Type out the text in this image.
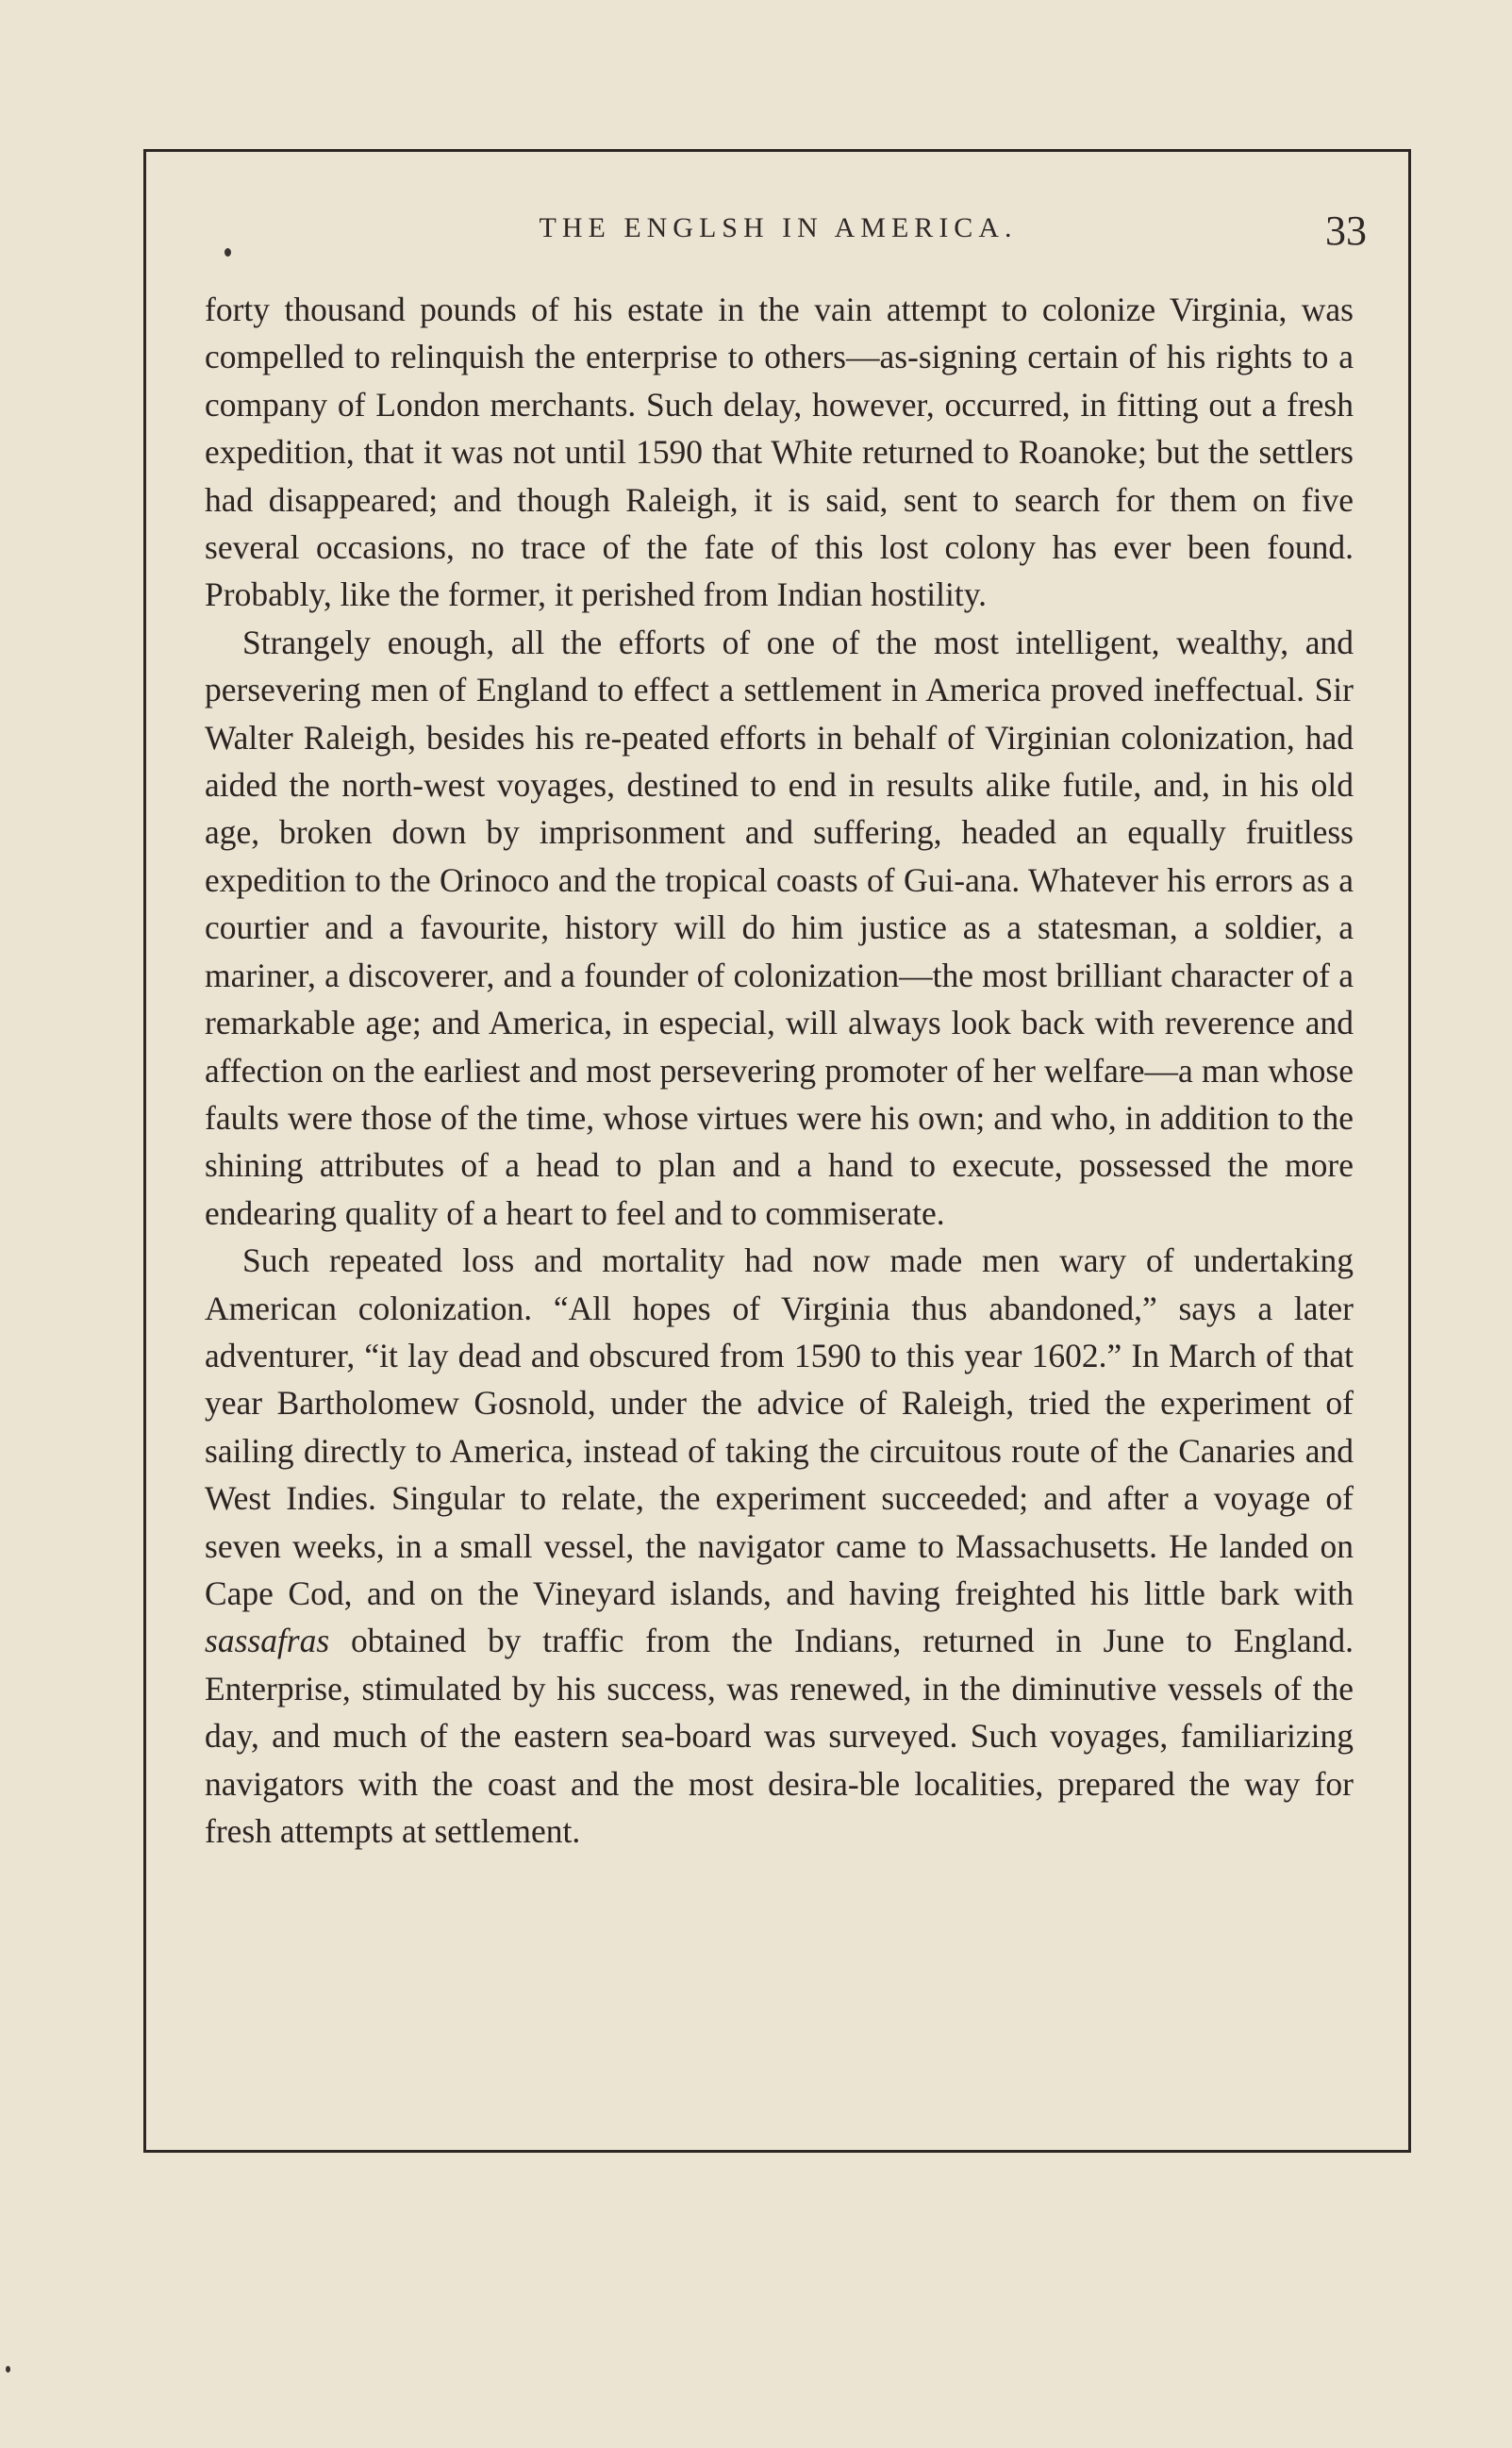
THE ENGLSH IN AMERICA.	33

forty thousand pounds of his estate in the vain attempt to colonize Virginia, was compelled to relinquish the enterprise to others—as-signing certain of his rights to a company of London merchants. Such delay, however, occurred, in fitting out a fresh expedition, that it was not until 1590 that White returned to Roanoke; but the settlers had disappeared; and though Raleigh, it is said, sent to search for them on five several occasions, no trace of the fate of this lost colony has ever been found. Probably, like the former, it perished from Indian hostility.

Strangely enough, all the efforts of one of the most intelligent, wealthy, and persevering men of England to effect a settlement in America proved ineffectual. Sir Walter Raleigh, besides his re-peated efforts in behalf of Virginian colonization, had aided the north-west voyages, destined to end in results alike futile, and, in his old age, broken down by imprisonment and suffering, headed an equally fruitless expedition to the Orinoco and the tropical coasts of Gui-ana. Whatever his errors as a courtier and a favourite, history will do him justice as a statesman, a soldier, a mariner, a discoverer, and a founder of colonization—the most brilliant character of a remarkable age; and America, in especial, will always look back with reverence and affection on the earliest and most persevering promoter of her welfare—a man whose faults were those of the time, whose virtues were his own; and who, in addition to the shining attributes of a head to plan and a hand to execute, possessed the more endearing quality of a heart to feel and to commiserate.

Such repeated loss and mortality had now made men wary of undertaking American colonization. “All hopes of Virginia thus abandoned,” says a later adventurer, “it lay dead and obscured from 1590 to this year 1602.” In March of that year Bartholomew Gosnold, under the advice of Raleigh, tried the experiment of sailing directly to America, instead of taking the circuitous route of the Canaries and West Indies. Singular to relate, the experiment succeeded; and after a voyage of seven weeks, in a small vessel, the navigator came to Massachusetts. He landed on Cape Cod, and on the Vineyard islands, and having freighted his little bark with sassafras obtained by traffic from the Indians, returned in June to England. Enterprise, stimulated by his success, was renewed, in the diminutive vessels of the day, and much of the eastern sea-board was surveyed. Such voyages, familiarizing navigators with the coast and the most desira-ble localities, prepared the way for fresh attempts at settlement.
